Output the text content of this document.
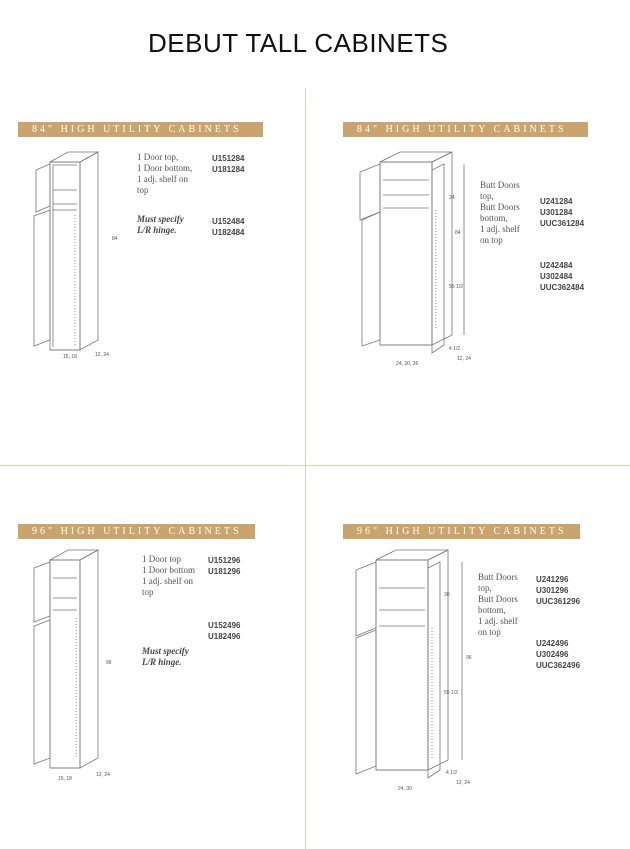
DEBUT TALL CABINETS
84" HIGH UTILITY CABINETS
84
15, 18	12, 24
1 Door top,
1 Door bottom,
1 adj. shelf on
top
U151284
U181284
Must specify
L/R hinge.
U152484
U182484
84" HIGH UTILITY CABINETS
84
24
55 1/2
4 1/2
24, 30, 36
12, 24
Butt Doors
top,
Butt Doors
bottom,
1 adj. shelf
on top
U241284
U301284
UUC361284
U242484
U302484
UUC362484
96" HIGH UTILITY CABINETS
96
15, 18
12, 24
1 Door top
1 Door bottom
1 adj. shelf on
top
U151296
U181296
U152496
U182496
Must specify
L/R hinge.
96" HIGH UTILITY CABINETS
96
30
55 1/2
4 1/2
24, 30
12, 24
Butt Doors
top,
Butt Doors
bottom,
1 adj. shelf
on top
U241296
U301296
UUC361296
U242496
U302496
UUC362496
